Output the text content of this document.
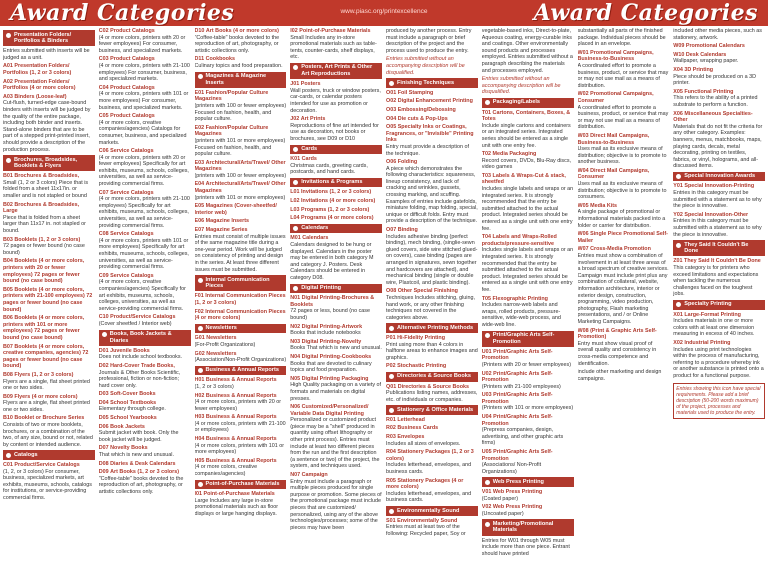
Award Categories	www.piasc.org/printexcellence	Award Categories
Presentation Folders/ Portfolios & Binders
Entries submitted with inserts will be judged as a unit.
A01 Presentation Folders/ Portfolios (1, 2 or 3 colors)
A02 Presentation Folders/ Portfolios (4 or more colors)
A03 Binders (Loose-leaf)
Cut-flush, turned-edge case-bound binders with inserts will be judged by the quality of the entire package, including both binder and inserts. Stand-alone binders that are to be part of a stepped print-printed insert, should provide a description of the production process.
Brochures, Broadsides, Booklets & Flyers
B01 Brochures & Broadsides,
Small (1, 2 or 3 colors) Piece that is folded from a sheet 11x17in. or smaller and is not stapled or bound
B02 Brochures & Broadsides, Large
Piece that is folded from a sheet larger than 11x17 in. not stapled or bound.
B03 Booklets (1, 2 or 3 colors)
72 pages or fewer bound (no case bound)
B04 Booklets (4 or more colors, printers with 20 or fewer employees) 72 pages or fewer bound (no case bound)
B05 Booklets (4 or more colors, printers with 21-100 employees) 72 pages or fewer bound (no case bound)
B06 Booklets (4 or more colors, printers with 101 or more employees) 72 pages or fewer bound (no case bound)
B07 Booklets (4 or more colors, creative companies, agencies) 72 pages or fewer bound (no case bound)
B08 Flyers (1, 2 or 3 colors)
Flyers are a single, flat sheet printed one or two sides.
B09 Flyers (4 or more colors)
Flyers are a single, flat sheet printed one or two sides.
B10 Booklet or Brochure Series
Consists of two or more booklets, brochures, or a combination of the two, of any size, bound or not, related by content or intended audience.
Catalogs
C01 Product/Service Catalogs
(1, 2, or 3 colors) For consumer, business, specialized markets, art exhibits, museums, schools, catalogs for institutions, or service-providing commercial firms.
C02 Product Catalogs
(4 or more colors, printers with 20 or fewer employees) For consumer, business, and specialized markets.
C03 Product Catalogs
(4 or more colors, printers with 21-100 employees) For consumer, business, and specialized markets.
C04 Product Catalogs
(4 or more colors, printers with 101 or more employees) For consumer, business, and specialized markets.
C05 Product Catalogs
(4 or more colors, creative companies/agencies) Catalogs for consumer, business, and specialized markets.
C06 Service Catalogs
(4 or more colors, printers with 20 or fewer employees) Specifically for art exhibits, museums, schools, colleges, universities, as well as service-providing commercial firms.
C07 Service Catalogs
(4 or more colors, printers with 21-100 employees) Specifically for art exhibits, museums, schools, colleges, universities, as well as service-providing commercial firms.
C08 Service Catalogs
(4 or more colors, printers with 101 or more employees) Specifically for art exhibits, museums, schools, colleges, universities, as well as service-providing commercial firms.
C09 Service Catalogs
(4 or more colors, creative companies/agencies) Specifically for art exhibits, museums, schools, colleges, universities, as well as service-providing commercial firms.
C10 Product/Service Catalogs
(Cover sheetfed / Interior web)
Books, Book Jackets & Diaries
D01 Juvenile Books
Does not include school textbooks.
D02 Hard-Cover Trade Books,
Journals & Other Books Scientific, professional, fiction or non-fiction; hard cover only.
D03 Soft-Cover Books
D04 School Textbooks
Elementary through college.
D05 School Yearbooks
D06 Book Jackets
Submit jacket with book. Only the book jacket will be judged.
D07 Novelty Books
That which is new and unusual.
D08 Diaries & Desk Calendars
D09 Art Books (1, 2 or 3 colors)
"Coffee-table" books devoted to the reproduction of art, photography, or artistic collections only.
D10 Art Books (4 or more colors)
"Coffee-table" books devoted to the reproduction of art, photography, or artistic collections only.
D11 Cookbooks
Culinary topics and food preparation.
Magazines & Magazine Inserts
E01 Fashion/Popular Culture Magazines
(printers with 100 or fewer employees) Focused on fashion, health, and popular culture.
E02 Fashion/Popular Culture Magazines
(printers with 101 or more employees) Focused on fashion, health, and popular culture.
E03 Architectural/Arts/Travel/ Other Magazines
(printers with 100 or fewer employees)
E04 Architectural/Arts/Travel/ Other Magazines
(printers with 101 or more employees)
E05 Magazines (Cover-sheetfed/ Interior web)
E06 Magazine Inserts
E07 Magazine Series
Entries must consist of multiple issues of the same magazine title during a one-year period. Work will be judged on consistency of printing and design in the series. At least three different issues must be submitted.
Internal Communication Pieces
F01 Internal Communication Pieces (1, 2 or 3 colors)
F02 Internal Communication Pieces (4 or more colors)
Newsletters
G01 Newsletters
(For-Profit Organizations)
G02 Newsletters
(Association/Non-Profit Organizations)
Business & Annual Reports
H01 Business & Annual Reports
(1, 2 or 3 colors)
H02 Business & Annual Reports
(4 or more colors, printers with 20 or fewer employees)
H03 Business & Annual Reports
(4 or more colors, printers with 21-100 or employees)
H04 Business & Annual Reports
(4 or more colors, printers with 101 or more employees)
H05 Business & Annual Reports
(4 or more colors, creative companies/agencies)
Point-of-Purchase Materials
I01 Point-of-Purchase Materials
Large Includes any large in-store promotional materials such as floor displays or large hanging displays.
I02 Point-of-Purchase Materials
Small Includes any in-store promotional materials such as table-tents, counter-cards, shelf displays, etc.
Posters, Art Prints & Other Art Reproductions
J01 Posters
Wall posters, truck or window posters, car-cards, or calendar posters intended for use as promotion or decoration.
J02 Art Prints
Reproductions of fine art intended for use as decoration, not books or brochures, see D09 or D10
Cards
K01 Cards
Christmas cards, greeting cards, postcards, and hand cards.
Invitations & Programs
L01 Invitations (1, 2 or 3 colors)
L02 Invitations (4 or more colors)
L03 Programs (1, 2 or 3 colors)
L04 Programs (4 or more colors)
Calendars
M01 Calendars
Calendars designed to be hung or displayed. Calendars in the poster may be entered in both category M and category J. Posters. Desk Calendars should be entered in category D08.
Digital Printing
N01 Digital Printing-Brochures & Booklets
72 pages or less, bound (no case bound)
N02 Digital Printing-Artwork
Books that include notebooks
N03 Digital Printing-Novelty
Books That which is new and unusual.
N04 Digital Printing-Cookbooks
Books that are devoted to culinary topics and food preparation.
N05 Digital Printing Packaging
High Quality packaging on a variety of formats and materials on digital presses.
N06 Customized/Personalized/ Variable Data Digital Printing
Personalized or customized product (piece may be a "shell" produced in quantity using offset lithography or other print process). Entries must include at least two different pieces from the run and the first description (a sentence or two) of the project, the system, and techniques used.
N07 Campaign
Entry must include a paragraph or multiple pieces produced for single purpose or promotion. Some pieces of the promotional package must include pieces that are customized/ personalized, using any of the above technologies/processes; some of the pieces may have been
produced by another process. Entry must include a paragraph or brief description of the project and the process used to produce the entry.
Entries submitted without an accompanying description will be disqualified.
Finishing Techniques
O01 Foil Stamping
O02 Digital Enhancement Printing
O03 Embossing/Debossing
O04 Die cuts & Pop-Ups
O05 Specialty Inks or Coatings, Fragrances, or "Invisible" Printing Inks
Entry must provide a description of the technique.
O06 Folding
A piece which demonstrates the following characteristics: squareness, lineup consistency, and lack of cracking and wrinkles, gussets, crossing marking, and scuffing. Examples of entries include gatefolds, miniature folding, map folding, special, unique or difficult folds. Entry must provide a description of the technique.
O07 Binding
Includes adhesive binding (perfect binding), mech binding, (singlie-sewn glued covers, side wire stitched glued-on covers), case binding (pages are arranged in signatures, sewn together and hardcovers are attached), and mechanical binding (single or double wire, Plastcoil, and plastic binding).
O08 Other Special Finishing
Techniques Includes stitching, gluing, hand work, or any other finishing techniques not covered in the categories above.
Alternative Printing Methods
P01 Hi-Fidelity Printing
Print using more than 4 colors in halftone areas to enhance images and graphics.
P02 Stochastic Printing
Directories & Source Books
Q01 Directories & Source Books
Publications listing names, addresses, etc. of individuals or companies.
Stationery & Office Materials
R01 Letterhead
R02 Business Cards
R03 Envelopes
Includes all sizes of envelopes.
R04 Stationery Packages (1, 2 or 3 colors)
Includes letterhead, envelopes, and business cards.
R05 Stationery Packages (4 or more colors)
Includes letterhead, envelopes, and business cards.
Environmentally Sound
S01 Environmentally Sound
Entries must at least two of the following: Recycled paper, Soy or
vegetable-based inks, Direct-to-plate, Aqueous coating, energy-curable inks and coatings. Other environmentally sound products and processes employed. Entries submitted without a paragraph describing the materials and processes employed.
Entries submitted without an accompanying description will be disqualified.
Packaging/Labels
T01 Cartons, Containers, Boxes, & Totes
Include single cartons and containers or an integrated series. Integrated series should be entered as a single unit with one entry fee.
T02 Media Packaging
Record covers, DVDs, Blu-Ray discs, video games
T03 Labels & Wraps-Cut & stack, sheetfed
Includes single labels and wraps or an integrated series. It is strongly recommended that the entry be submitted attached to the actual product. Integrated series should be entered as a single unit with one entry fee.
T04 Labels and Wraps-Rolled products/pressure-sensitive
Includes single labels and wraps or an integrated series. It is strongly recommended that the entry be submitted attached to the actual product. Integrated series should be entered as a single unit with one entry fee.
T05 Flexographic Printing
Includes narrow-web labels and wraps, rolled products, pressure-sensitive, wide-web process, and wide-web line.
Print/Graphic Arts Self-Promotion
U01 Print/Graphic Arts Self-Promotion
(Printers with 20 or fewer employees)
U02 Print/Graphic Arts Self-Promotion
(Printers with 21-100 employees)
U03 Print/Graphic Arts Self-Promotion
(Printers with 101 or more employees)
U04 Print/Graphic Arts Self-Promotion
(Prepress companies, design, advertising, and other graphic arts firms)
U05 Print/Graphic Arts Self-Promotion
(Associations/ Non-Profit Organizations)
Web Press Printing
V01 Web Press Printing
(Coated paper)
V02 Web Press Printing
(Uncoated paper)
Marketing/Promotional Materials
Entries for W01 through W05 must include more than one piece. Entrant should have printed
substantially all parts of the finished package. Individual pieces should be placed in an envelope.
W01 Promotional Campaigns, Business-to-Business
A coordinated effort to promote a business, product, or service that may or may not use mail as a means of distribution.
W02 Promotional Campaigns, Consumer
A coordinated effort to promote a business, product, or service that may or may not use mail as a means of distribution.
W03 Direct Mail Campaigns, Business-to-Business
Uses mail as its exclusive means of distribution; objective is to promote to another business.
W04 Direct Mail Campaigns, Consumer
Uses mail as its exclusive means of distribution; objective is to promote to consumers.
W05 Media Kits
A single package of promotional or informational materials packed into a folder or carrier for distribution.
W06 Single Piece Promotional Self-Mailer
W07 Cross-Media Promotion
Entries must show a combination of involvement in at least three areas of a broad spectrum of creative services. Campaign must include print plus any combination of collateral, website, information architecture, interior or exterior design, construction, programming, video production, photography, Flash marketing presentations, and / or Online Marketing Campaigns.
W08 (Print & Graphic Arts Self-Promotion)
Entry must show visual proof of overall quality and consistency in cross-media competence and identification.
include other marketing and design campaigns.
included other media pieces, such as stationery, artwork.
W09 Promotional Calendars
W10 Desk Calendars
Wallpaper, wrapping paper.
X04 3D Printing
Piece should be produced on a 3D printer.
X05 Functional Printing
This refers to the ability of a printed substrate to perform a function.
X06 Miscellaneous Specialties-Other
Materials that do not fit the criteria for any other category. Examples: banners, menus, matchbooks, maps, playing cards, decals, metal decorating, printing on textiles, fabrics, or vinyl, holograms, and all-discussed items.
Special Innovation Awards
Y01 Special Innovation-Printing
Entries in this category must be submitted with a statement as to why the piece is innovative.
Y02 Special Innovation-Other
Entries in this category must be submitted with a statement as to why the piece is innovative.
They Said It Couldn't Be Done
Z01 They Said It Couldn't Be Done
This category is for printers who exceed limitations and expectations when tackling the numerous challenges faced on the toughest jobs.
Specialty Printing
X01 Large-Format Printing
Includes materials in one or more colors with at least one dimension measuring in excess of 40 inches.
X02 Industrial Printing
Includes using print technologies within the process of manufacturing, referring to a procedure whereby ink or another substance is printed onto a product for a functional purpose.
Entries showing this icon have special requirements. Please add a brief description (50-200 words maximum) of the project, processes and materials used to produce the entry.
